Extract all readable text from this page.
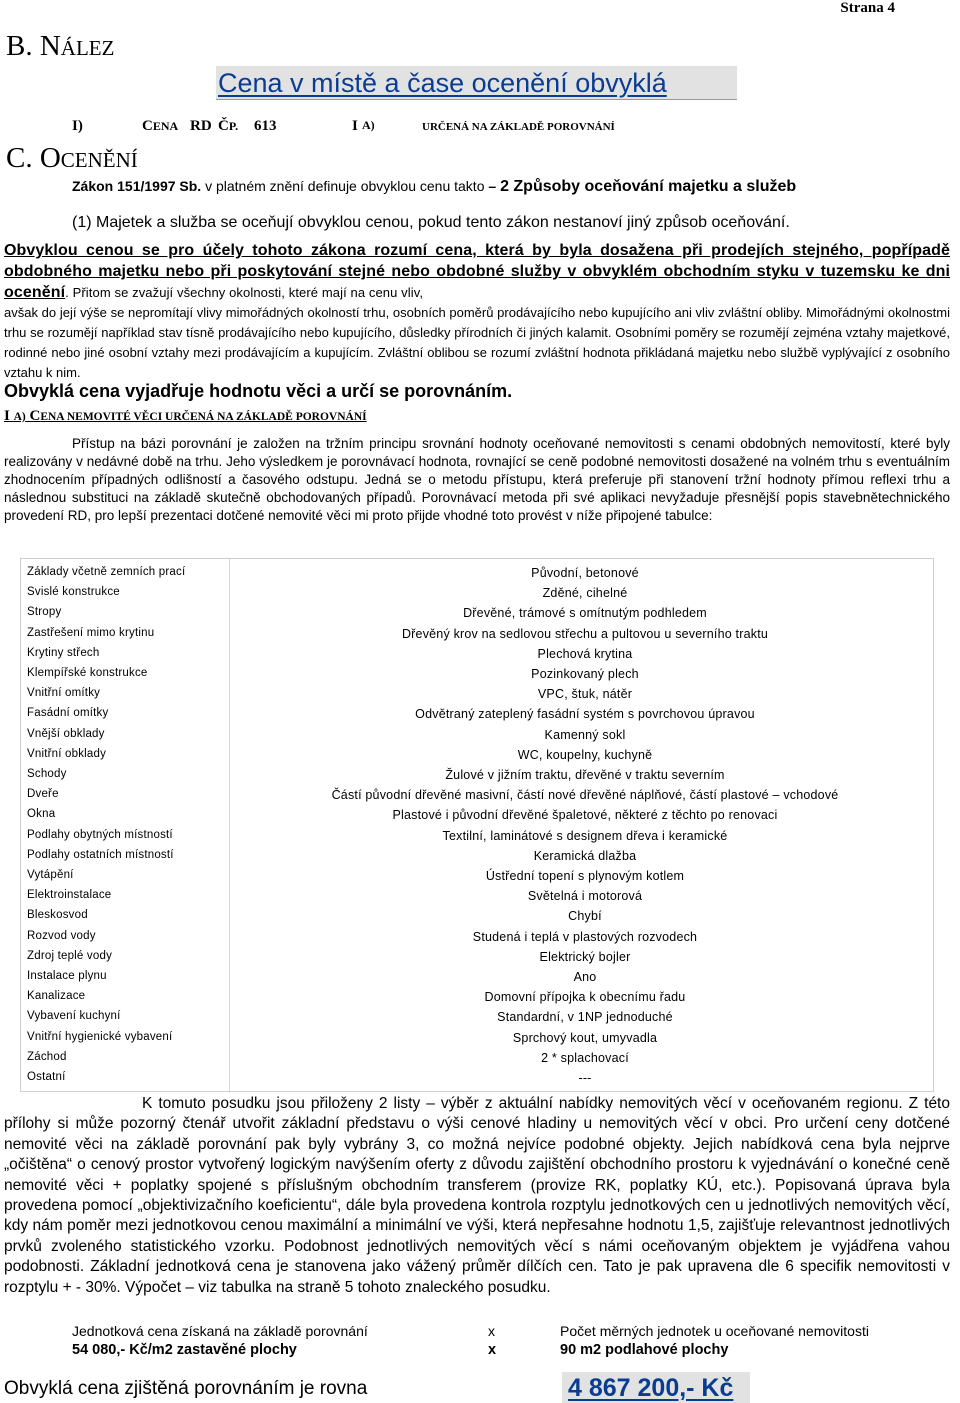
Strana 4
B. NÁLEZ
Cena v místě a čase ocenění obvyklá
I)	CENA RD ČP. 613	I A)	URČENÁ NA ZÁKLADĚ POROVNÁNÍ
C. OCENĚNÍ
Zákon 151/1997 Sb. v platném znění definuje obvyklou cenu takto – 2 Způsoby oceňování majetku a služeb
(1) Majetek a služba se oceňují obvyklou cenou, pokud tento zákon nestanoví jiný způsob oceňování.
Obvyklou cenou se pro účely tohoto zákona rozumí cena, která by byla dosažena při prodejích stejného, popřípadě obdobného majetku nebo při poskytování stejné nebo obdobné služby v obvyklém obchodním styku v tuzemsku ke dni ocenění. Přitom se zvažují všechny okolnosti, které mají na cenu vliv,
avšak do její výše se nepromítají vlivy mimořádných okolností trhu, osobních poměrů prodávajícího nebo kupujícího ani vliv zvláštní obliby. Mimořádnými okolnostmi trhu se rozumějí například stav tísně prodávajícího nebo kupujícího, důsledky přírodních či jiných kalamit. Osobními poměry se rozumějí zejména vztahy majetkové, rodinné nebo jiné osobní vztahy mezi prodávajícím a kupujícím. Zvláštní oblibou se rozumí zvláštní hodnota přikládaná majetku nebo službě vyplývající z osobního vztahu k nim.
Obvyklá cena vyjadřuje hodnotu věci a určí se porovnáním.
I A) CENA NEMOVITÉ VĚCI URČENÁ NA ZÁKLADĚ POROVNÁNÍ
Přístup na bázi porovnání je založen na tržním principu srovnání hodnoty oceňované nemovitosti s cenami obdobných nemovitostí, které byly realizovány v nedávné době na trhu. Jeho výsledkem je porovnávací hodnota, rovnající se ceně podobné nemovitosti dosažené na volném trhu s eventuálním zhodnocením případných odlišností a časového odstupu. Jedná se o metodu přístupu, která preferuje při stanovení tržní hodnoty přímou reflexi trhu a následnou substituci na základě skutečně obchodovaných případů. Porovnávací metoda při své aplikaci nevyžaduje přesnější popis stavebnětechnického provedení RD, pro lepší prezentaci dotčené nemovité věci mi proto přijde vhodné toto provést v níže připojené tabulce:
Základy včetně zemních prací	Původní, betonové
Svislé konstrukce	Zděné, cihelné
Stropy	Dřevěné, trámové s omítnutým podhledem
Zastřešení mimo krytinu	Dřevěný krov na sedlovou střechu a pultovou u severního traktu
Krytiny střech	Plechová krytina
Klempířské konstrukce	Pozinkovaný plech
Vnitřní omítky	VPC, štuk, nátěr
Fasádní omítky	Odvětraný zateplený fasádní systém s povrchovou úpravou
Vnější obklady	Kamenný sokl
Vnitřní obklady	WC, koupelny, kuchyně
Schody	Žulové v jižním traktu, dřevěné v traktu severním
Dveře	Částí původní dřevěné masivní, částí nové dřevěné náplňové, částí plastové – vchodové
Okna	Plastové i původní dřevěné špaletové, některé z těchto po renovaci
Podlahy obytných místností	Textilní, laminátové s designem dřeva i keramické
Podlahy ostatních místností	Keramická dlažba
Vytápění	Ústřední topení s plynovým kotlem
Elektroinstalace	Světelná i motorová
Bleskosvod	Chybí
Rozvod vody	Studená i teplá v plastových rozvodech
Zdroj teplé vody	Elektrický bojler
Instalace plynu	Ano
Kanalizace	Domovní přípojka k obecnímu řadu
Vybavení kuchyní	Standardní, v 1NP jednoduché
Vnitřní hygienické vybavení	Sprchový kout, umyvadla
Záchod	2 * splachovací
Ostatní	---
K tomuto posudku jsou přiloženy 2 listy – výběr z aktuální nabídky nemovitých věcí v oceňovaném regionu. Z této přílohy si může pozorný čtenář utvořit základní představu o výši cenové hladiny u nemovitých věcí v obci. Pro určení ceny dotčené nemovité věci na základě porovnání pak byly vybrány 3, co možná nejvíce podobné objekty. Jejich nabídková cena byla nejprve „očištěna“ o cenový prostor vytvořený logickým navýšením oferty z důvodu zajištění obchodního prostoru k vyjednávání o konečné ceně nemovité věci + poplatky spojené s příslušným obchodním transferem (provize RK, poplatky KÚ, etc.). Popisovaná úprava byla provedena pomocí „objektivizačního koeficientu“, dále byla provedena kontrola rozptylu jednotkových cen u jednotlivých nemovitých věcí, kdy nám poměr mezi jednotkovou cenou maximální a minimální ve výši, která nepřesahne hodnotu 1,5, zajišťuje relevantnost jednotlivých prvků zvoleného statistického vzorku. Podobnost jednotlivých nemovitých věcí s námi oceňovaným objektem je vyjádřena vahou podobnosti. Základní jednotková cena je stanovena jako vážený průměr dílčích cen. Tato je pak upravena dle 6 specifik nemovitosti v rozptylu + - 30%. Výpočet – viz tabulka na straně 5 tohoto znaleckého posudku.
Jednotková cena získaná na základě porovnání	x	Počet měrných jednotek u oceňované nemovitosti
54 080,- Kč/m2 zastavěné plochy	x	90 m2 podlahové plochy
Obvyklá cena zjištěná porovnáním je rovna	4 867 200,- Kč
